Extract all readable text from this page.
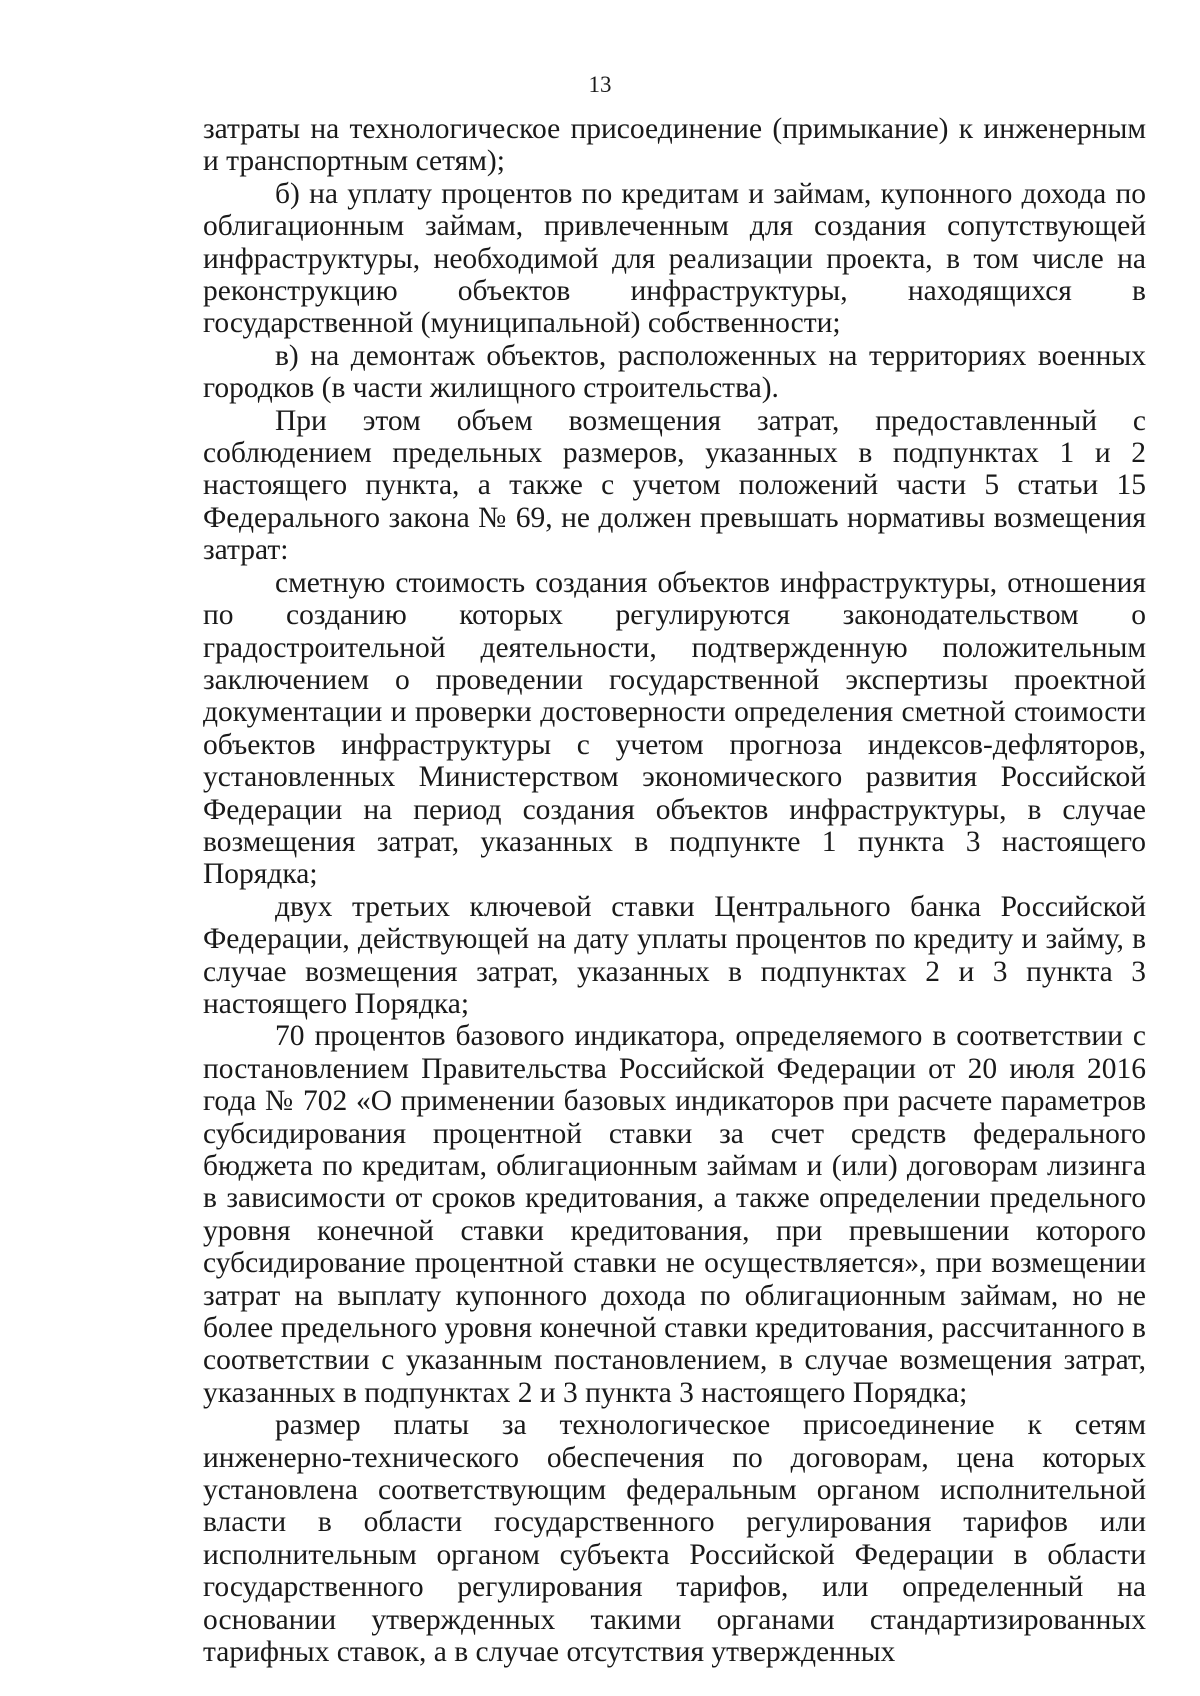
13

затраты на технологическое присоединение (примыкание) к инженерным и транспортным сетям);

б) на уплату процентов по кредитам и займам, купонного дохода по облигационным займам, привлеченным для создания сопутствующей инфраструктуры, необходимой для реализации проекта, в том числе на реконструкцию объектов инфраструктуры, находящихся в государственной (муниципальной) собственности;

в) на демонтаж объектов, расположенных на территориях военных городков (в части жилищного строительства).

При этом объем возмещения затрат, предоставленный с соблюдением предельных размеров, указанных в подпунктах 1 и 2 настоящего пункта, а также с учетом положений части 5 статьи 15 Федерального закона № 69, не должен превышать нормативы возмещения затрат:

сметную стоимость создания объектов инфраструктуры, отношения по созданию которых регулируются законодательством о градостроительной деятельности, подтвержденную положительным заключением о проведении государственной экспертизы проектной документации и проверки достоверности определения сметной стоимости объектов инфраструктуры с учетом прогноза индексов-дефляторов, установленных Министерством экономического развития Российской Федерации на период создания объектов инфраструктуры, в случае возмещения затрат, указанных в подпункте 1 пункта 3 настоящего Порядка;

двух третьих ключевой ставки Центрального банка Российской Федерации, действующей на дату уплаты процентов по кредиту и займу, в случае возмещения затрат, указанных в подпунктах 2 и 3 пункта 3 настоящего Порядка;

70 процентов базового индикатора, определяемого в соответствии с постановлением Правительства Российской Федерации от 20 июля 2016 года № 702 «О применении базовых индикаторов при расчете параметров субсидирования процентной ставки за счет средств федерального бюджета по кредитам, облигационным займам и (или) договорам лизинга в зависимости от сроков кредитования, а также определении предельного уровня конечной ставки кредитования, при превышении которого субсидирование процентной ставки не осуществляется», при возмещении затрат на выплату купонного дохода по облигационным займам, но не более предельного уровня конечной ставки кредитования, рассчитанного в соответствии с указанным постановлением, в случае возмещения затрат, указанных в подпунктах 2 и 3 пункта 3 настоящего Порядка;

размер платы за технологическое присоединение к сетям инженерно-технического обеспечения по договорам, цена которых установлена соответствующим федеральным органом исполнительной власти в области государственного регулирования тарифов или исполнительным органом субъекта Российской Федерации в области государственного регулирования тарифов, или определенный на основании утвержденных такими органами стандартизированных тарифных ставок, а в случае отсутствия утвержденных
